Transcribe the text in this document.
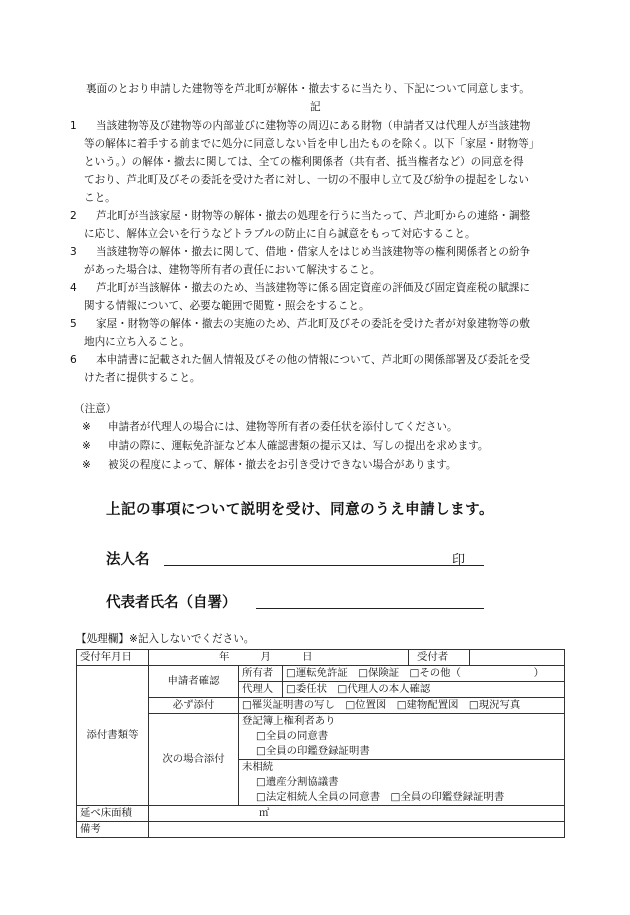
裏面のとおり申請した建物等を芦北町が解体・撤去するに当たり、下記について同意します。
記
1	当該建物等及び建物等の内部並びに建物等の周辺にある財物（申請者又は代理人が当該建物
等の解体に着手する前までに処分に同意しない旨を申し出たものを除く。以下「家屋・財物等」
という。）の解体・撤去に関しては、全ての権利関係者（共有者、抵当権者など）の同意を得
ており、芦北町及びその委託を受けた者に対し、一切の不服申し立て及び紛争の提起をしない
こと。
2	芦北町が当該家屋・財物等の解体・撤去の処理を行うに当たって、芦北町からの連絡・調整
に応じ、解体立会いを行うなどトラブルの防止に自ら誠意をもって対応すること。
3	当該建物等の解体・撤去に関して、借地・借家人をはじめ当該建物等の権利関係者との紛争
があった場合は、建物等所有者の責任において解決すること。
4	芦北町が当該解体・撤去のため、当該建物等に係る固定資産の評価及び固定資産税の賦課に
関する情報について、必要な範囲で閲覧・照会をすること。
5	家屋・財物等の解体・撤去の実施のため、芦北町及びその委託を受けた者が対象建物等の敷
地内に立ち入ること。
6	本申請書に記載された個人情報及びその他の情報について、芦北町の関係部署及び委託を受
けた者に提供すること。
（注意）
※ 申請者が代理人の場合には、建物等所有者の委任状を添付してください。
※ 申請の際に、運転免許証など本人確認書類の提示又は、写しの提出を求めます。
※ 被災の程度によって、解体・撤去をお引き受けできない場合があります。
上記の事項について説明を受け、同意のうえ申請します。
法人名	印
代表者氏名（自署）
【処理欄】※記入しないでください。
受付年月日	年　　　月　　　日 受付者		

添付書類等	申請者確認	所有者	□運転免許証　□保険証　□その他（　　　　　　　）
		代理人	□委任状　□代理人の本人確認
	必ず添付	□罹災証明書の写し　□位置図　□建物配置図　□現況写真	
	次の場合添付	登記簿上権利者あり	

		□全員の同意書	

		□全員の印鑑登録証明書	

		未相続	

		□遺産分割協議書	

		□法定相続人全員の同意書　□全員の印鑑登録証明書	

延べ床面積	㎡		
備考			
